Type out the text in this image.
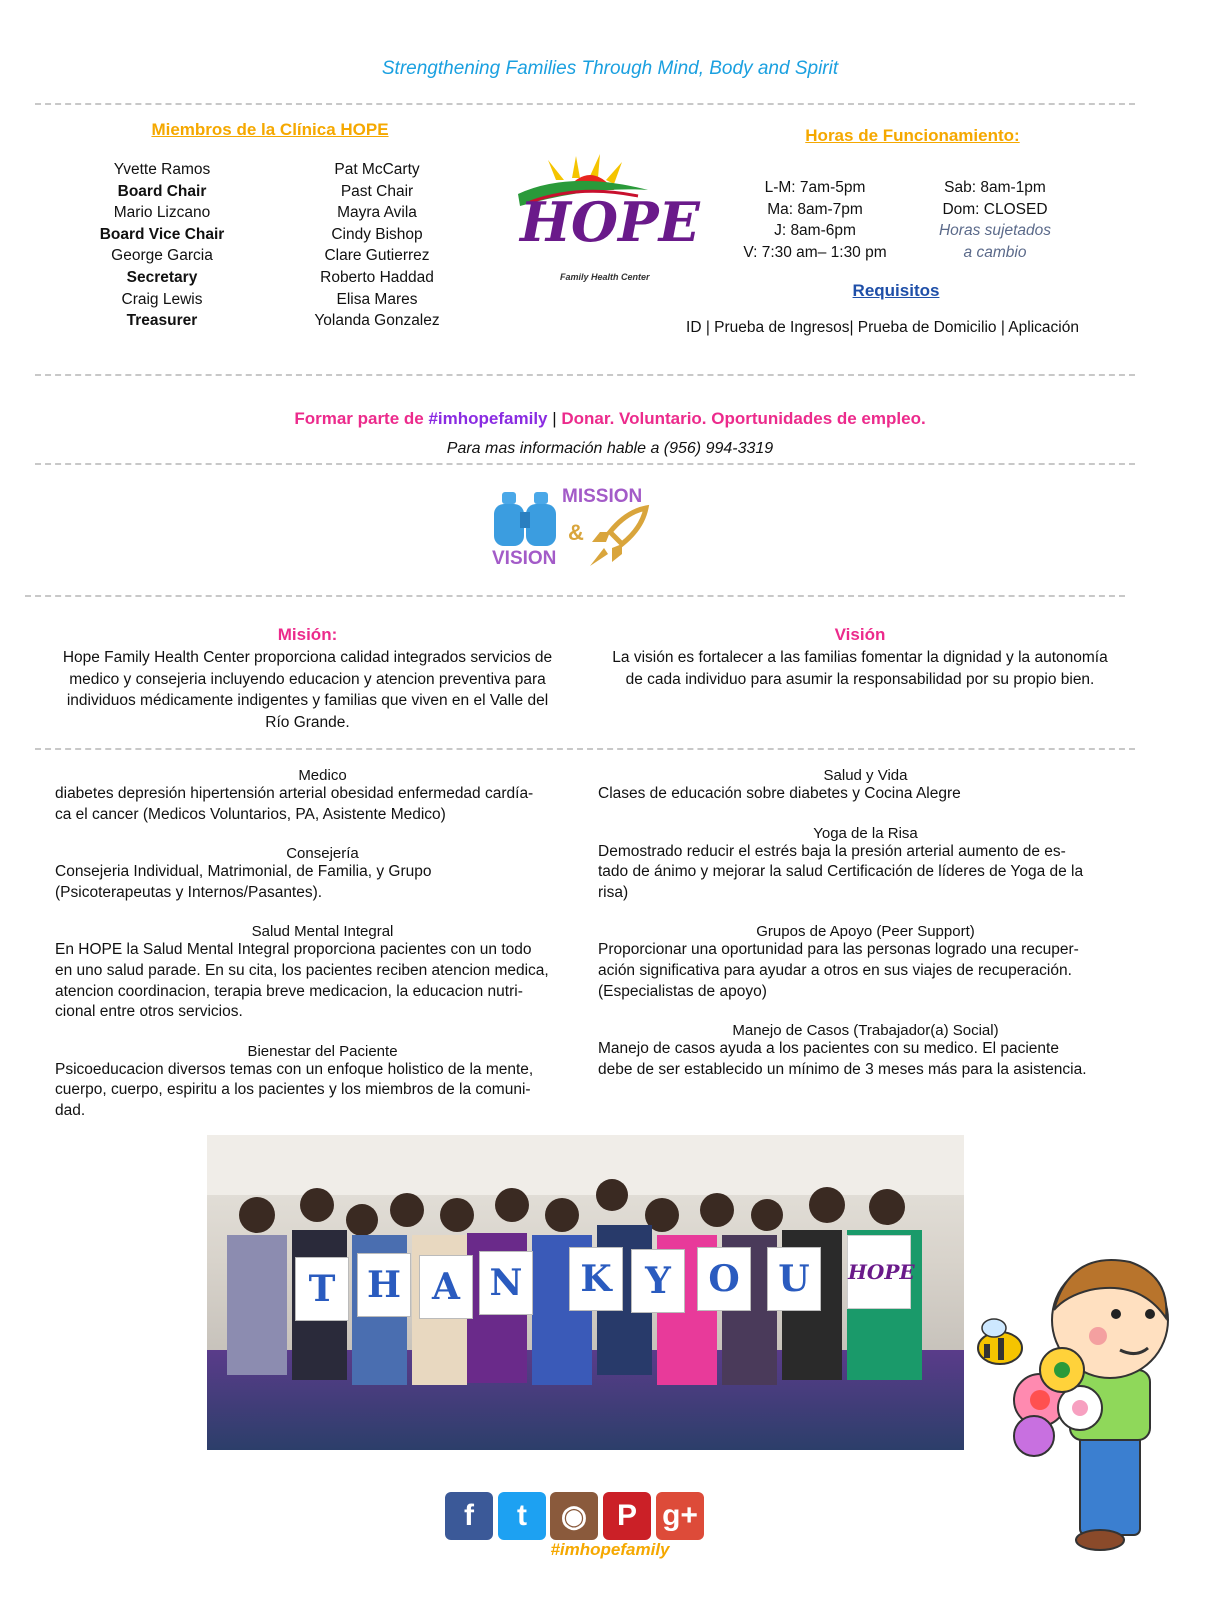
Strengthening Families Through Mind, Body and Spirit
Miembros de la Clínica HOPE
Yvette Ramos
Board Chair
Mario Lizcano
Board Vice Chair
George Garcia
Secretary
Craig Lewis
Treasurer
Pat McCarty
Past Chair
Mayra Avila
Cindy Bishop
Clare Gutierrez
Roberto Haddad
Elisa Mares
Yolanda Gonzalez
HOPE
Family Health Center
Horas de Funcionamiento:
L-M: 7am-5pm
Ma: 8am-7pm
J: 8am-6pm
V: 7:30 am– 1:30 pm
Sab: 8am-1pm
Dom: CLOSED
Horas sujetados
a cambio
Requisitos
ID | Prueba de Ingresos| Prueba de Domicilio | Aplicación
Formar parte de #imhopefamily | Donar. Voluntario. Oportunidades de empleo.
Para mas información hable a (956) 994-3319
MISSION
&
VISION
Misión:
Hope Family Health Center proporciona calidad integrados servicios de
medico y consejeria incluyendo educacion y atencion preventiva para
individuos médicamente indigentes y familias que viven en el Valle del
Río Grande.
Visión
La visión es fortalecer a las familias fomentar la dignidad y la autonomía
de cada individuo para asumir la responsabilidad por su propio bien.
Medico
diabetes depresión hipertensión arterial obesidad enfermedad cardía-
ca el cancer (Medicos Voluntarios, PA, Asistente Medico)
Consejería
Consejeria Individual, Matrimonial, de Familia, y Grupo
(Psicoterapeutas y Internos/Pasantes).
Salud Mental Integral
En HOPE la Salud Mental Integral proporciona pacientes con un todo
en uno salud parade. En su cita, los pacientes reciben atencion medica,
atencion coordinacion, terapia breve medicacion, la educacion nutri-
cional entre otros servicios.
Bienestar del Paciente
Psicoeducacion diversos temas con un enfoque holistico de la mente,
cuerpo, cuerpo, espiritu a los pacientes y los miembros de la comuni-
dad.
Salud y Vida
Clases de educación sobre diabetes y Cocina Alegre
Yoga de la Risa
Demostrado reducir el estrés baja la presión arterial aumento de es-
tado de ánimo y mejorar la salud Certificación de líderes de Yoga de la
risa)
Grupos de Apoyo (Peer Support)
Proporcionar una oportunidad para las personas logrado una recuper-
ación significativa para ayudar a otros en sus viajes de recuperación.
(Especialistas de apoyo)
Manejo de Casos (Trabajador(a) Social)
Manejo de casos ayuda a los pacientes con su medico. El paciente
debe de ser establecido un mínimo de 3 meses más para la asistencia.
T H A N	K Y	O	U	HOPE
f	t	◉ P g+
#imhopefamily
